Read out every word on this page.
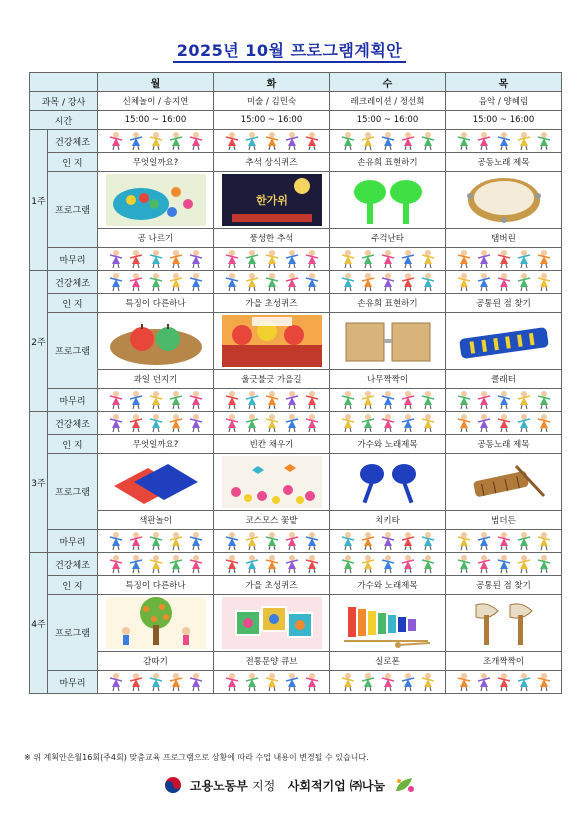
2025년 10월 프로그램계획안
		월	화	수	목
과목 / 강사		신체놀이 / 송지연	미술 / 김민숙	레크레이션 / 정선희	음악 / 양혜림
시간		15:00 ~ 16:00	15:00 ~ 16:00	15:00 ~ 16:00	15:00 ~ 16:00
1주	건강체조	

	인 지	무엇일까요?	추석 상식퀴즈	손유희 표현하기	공동노래 제목
	프로그램		한가위

		공 나르기	풍성한 추석	주걱난타	탬버린
	마무리	

2주	건강체조	

	인 지	특징이 다른하나	가을 초성퀴즈	손유희 표현하기	공통된 점 찾기
	프로그램	

		과일 던지기	울긋불긋 가을길	나무짝짝이	클래터
	마무리	

3주	건강체조	

	인 지	무엇일까요?	빈칸 채우기	가수와 노래제목	공동노래 제목
	프로그램	

		색판놀이	코스모스 꽃밭	치키타	범더든
	마무리	

4주	건강체조	

	인 지	특징이 다른하나	가을 초성퀴즈	가수와 노래제목	공통된 점 찾기
	프로그램	

		감따기	전통문양 큐브	실로폰	조개짝짝이
	마무리	

※ 위 계획안은월16회(주4회) 맞춤교육 프로그램으로 상황에 따라 수업 내용이 변경될 수 있습니다.
고용노동부 지정 사회적기업 ㈜나눔
